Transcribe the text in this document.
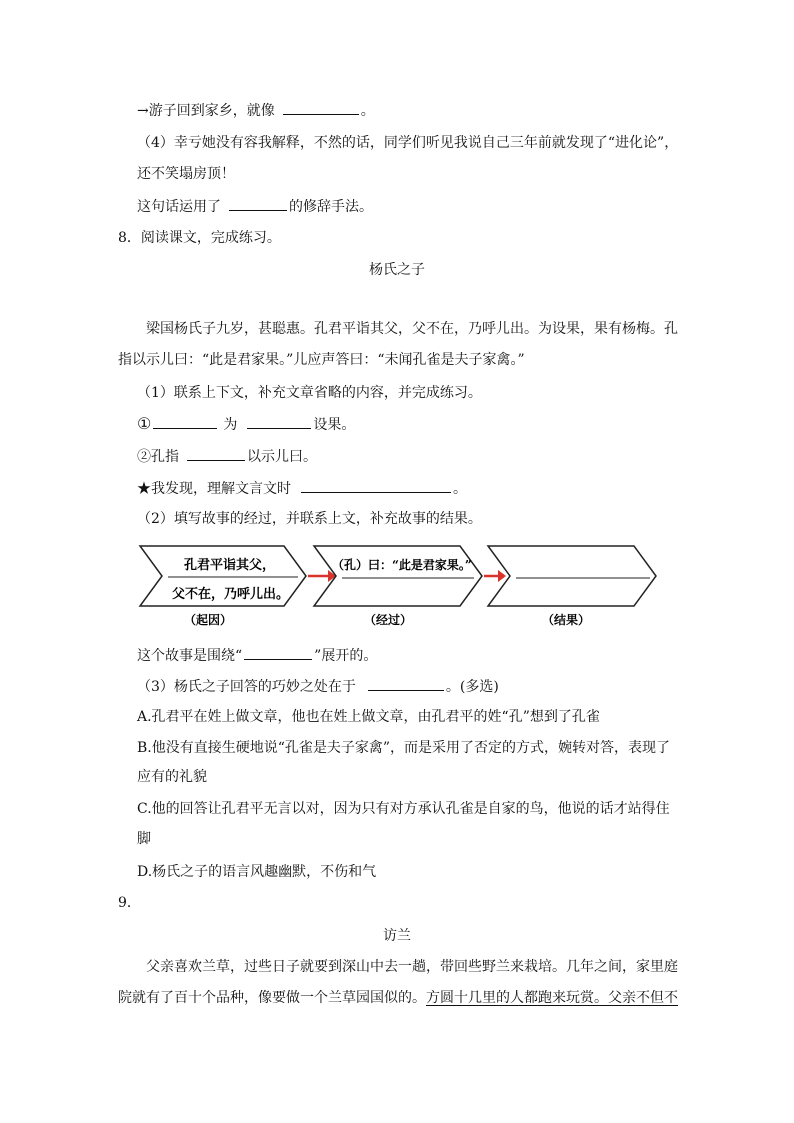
→游子回到家乡，就像	。
（4）幸亏她没有容我解释，不然的话，同学们听见我说自己三年前就发现了“进化论”，
还不笑塌房顶！
这句话运用了	的修辞手法。
8．阅读课文，完成练习。
杨氏之子
梁国杨氏子九岁，甚聪惠。孔君平诣其父，父不在，乃呼儿出。为设果，果有杨梅。孔
指以示儿曰：“此是君家果。”儿应声答曰：“未闻孔雀是夫子家禽。”
（1）联系上下文，补充文章省略的内容，并完成练习。
①	为	设果。
②孔指	以示儿曰。
★我发现，理解文言文时	。
（2）填写故事的经过，并联系上文，补充故事的结果。
孔君平诣其父，
父不在，乃呼儿出。
（起因）
（孔）曰：“此是君家果。”
（经过）	（结果）
这个故事是围绕“	”展开的。
（3）杨氏之子回答的巧妙之处在于	。(多选)
A.孔君平在姓上做文章，他也在姓上做文章，由孔君平的姓“孔”想到了孔雀
B.他没有直接生硬地说“孔雀是夫子家禽”，而是采用了否定的方式，婉转对答，表现了
应有的礼貌
C.他的回答让孔君平无言以对，因为只有对方承认孔雀是自家的鸟，他说的话才站得住
脚
D.杨氏之子的语言风趣幽默，不伤和气
9．
访兰
父亲喜欢兰草，过些日子就要到深山中去一趟，带回些野兰来栽培。几年之间，家里庭
院就有了百十个品种，像要做一个兰草园国似的。方圆十几里的人都跑来玩赏。父亲不但不
